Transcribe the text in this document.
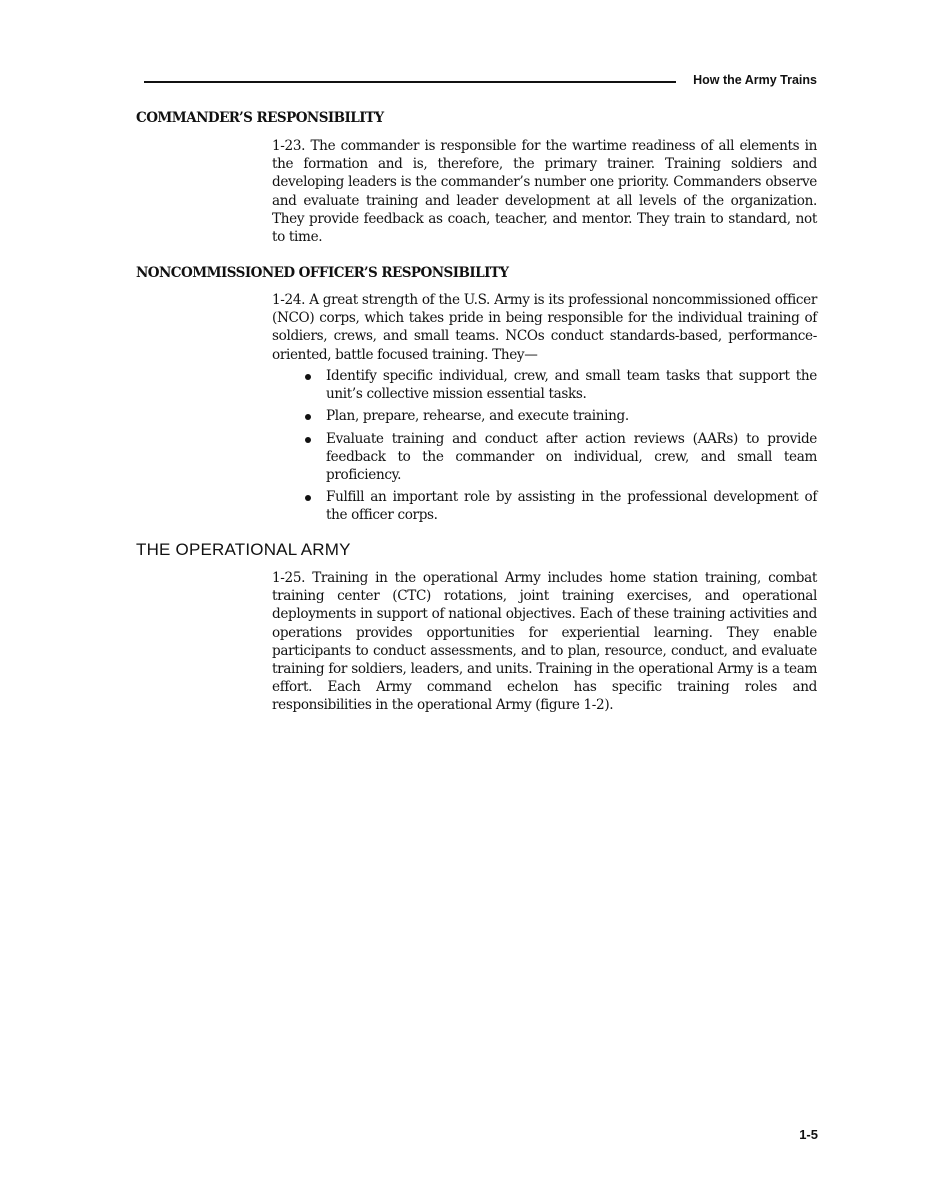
How the Army Trains
COMMANDER’S RESPONSIBILITY

1-23. The commander is responsible for the wartime readiness of all elements in the formation and is, therefore, the primary trainer. Training soldiers and developing leaders is the commander’s number one priority. Commanders observe and evaluate training and leader development at all levels of the organization. They provide feedback as coach, teacher, and mentor. They train to standard, not to time.

NONCOMMISSIONED OFFICER’S RESPONSIBILITY

1-24. A great strength of the U.S. Army is its professional noncommissioned officer (NCO) corps, which takes pride in being responsible for the individual training of soldiers, crews, and small teams. NCOs conduct standards-based, performance-oriented, battle focused training. They—

Identify specific individual, crew, and small team tasks that support the unit’s collective mission essential tasks.
Plan, prepare, rehearse, and execute training.
Evaluate training and conduct after action reviews (AARs) to provide feedback to the commander on individual, crew, and small team proficiency.
Fulfill an important role by assisting in the professional development of the officer corps.
THE OPERATIONAL ARMY

1-25. Training in the operational Army includes home station training, combat training center (CTC) rotations, joint training exercises, and operational deployments in support of national objectives. Each of these training activities and operations provides opportunities for experiential learning. They enable participants to conduct assessments, and to plan, resource, conduct, and evaluate training for soldiers, leaders, and units. Training in the operational Army is a team effort. Each Army command echelon has specific training roles and responsibilities in the operational Army (figure 1-2).

1-5
